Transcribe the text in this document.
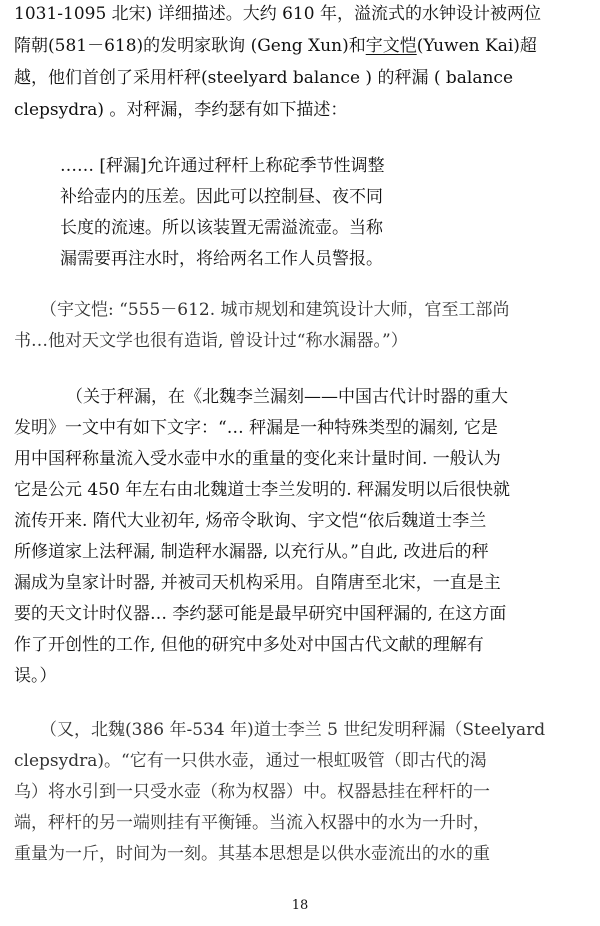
1031-1095 北宋) 详细描述。大约 610 年，溢流式的水钟设计被两位

隋朝(581－618)的发明家耿询 (Geng Xun)和宇文恺(Yuwen Kai)超

越，他们首创了采用杆秤(steelyard balance ) 的秤漏 ( balance

clepsydra) 。对秤漏，李约瑟有如下描述：

…… [秤漏]允许通过秤杆上称砣季节性调整

补给壶内的压差。因此可以控制昼、夜不同

长度的流速。所以该装置无需溢流壶。当称

漏需要再注水时，将给两名工作人员警报。

（宇文恺: “555－612. 城市规划和建筑设计大师，官至工部尚

书…他对天文学也很有造诣, 曾设计过“称水漏器。”）

（关于秤漏，在《北魏李兰漏刻——中国古代计时器的重大

发明》一文中有如下文字：“… 秤漏是一种特殊类型的漏刻, 它是

用中国秤称量流入受水壶中水的重量的变化来计量时间. 一般认为

它是公元 450 年左右由北魏道士李兰发明的. 秤漏发明以后很快就

流传开来. 隋代大业初年, 炀帝令耿询、宇文恺“依后魏道士李兰

所修道家上法秤漏, 制造秤水漏器, 以充行从。”自此, 改进后的秤

漏成为皇家计时器, 并被司天机构采用。自隋唐至北宋，一直是主

要的天文计时仪器… 李约瑟可能是最早研究中国秤漏的, 在这方面

作了开创性的工作, 但他的研究中多处对中国古代文献的理解有

误。）

（又，北魏(386 年-534 年)道士李兰 5 世纪发明秤漏（Steelyard

clepsydra)。“它有一只供水壶，通过一根虹吸管（即古代的渴

乌）将水引到一只受水壶（称为权器）中。权器悬挂在秤杆的一

端，秤杆的另一端则挂有平衡锤。当流入权器中的水为一升时，

重量为一斤，时间为一刻。其基本思想是以供水壶流出的水的重

18
